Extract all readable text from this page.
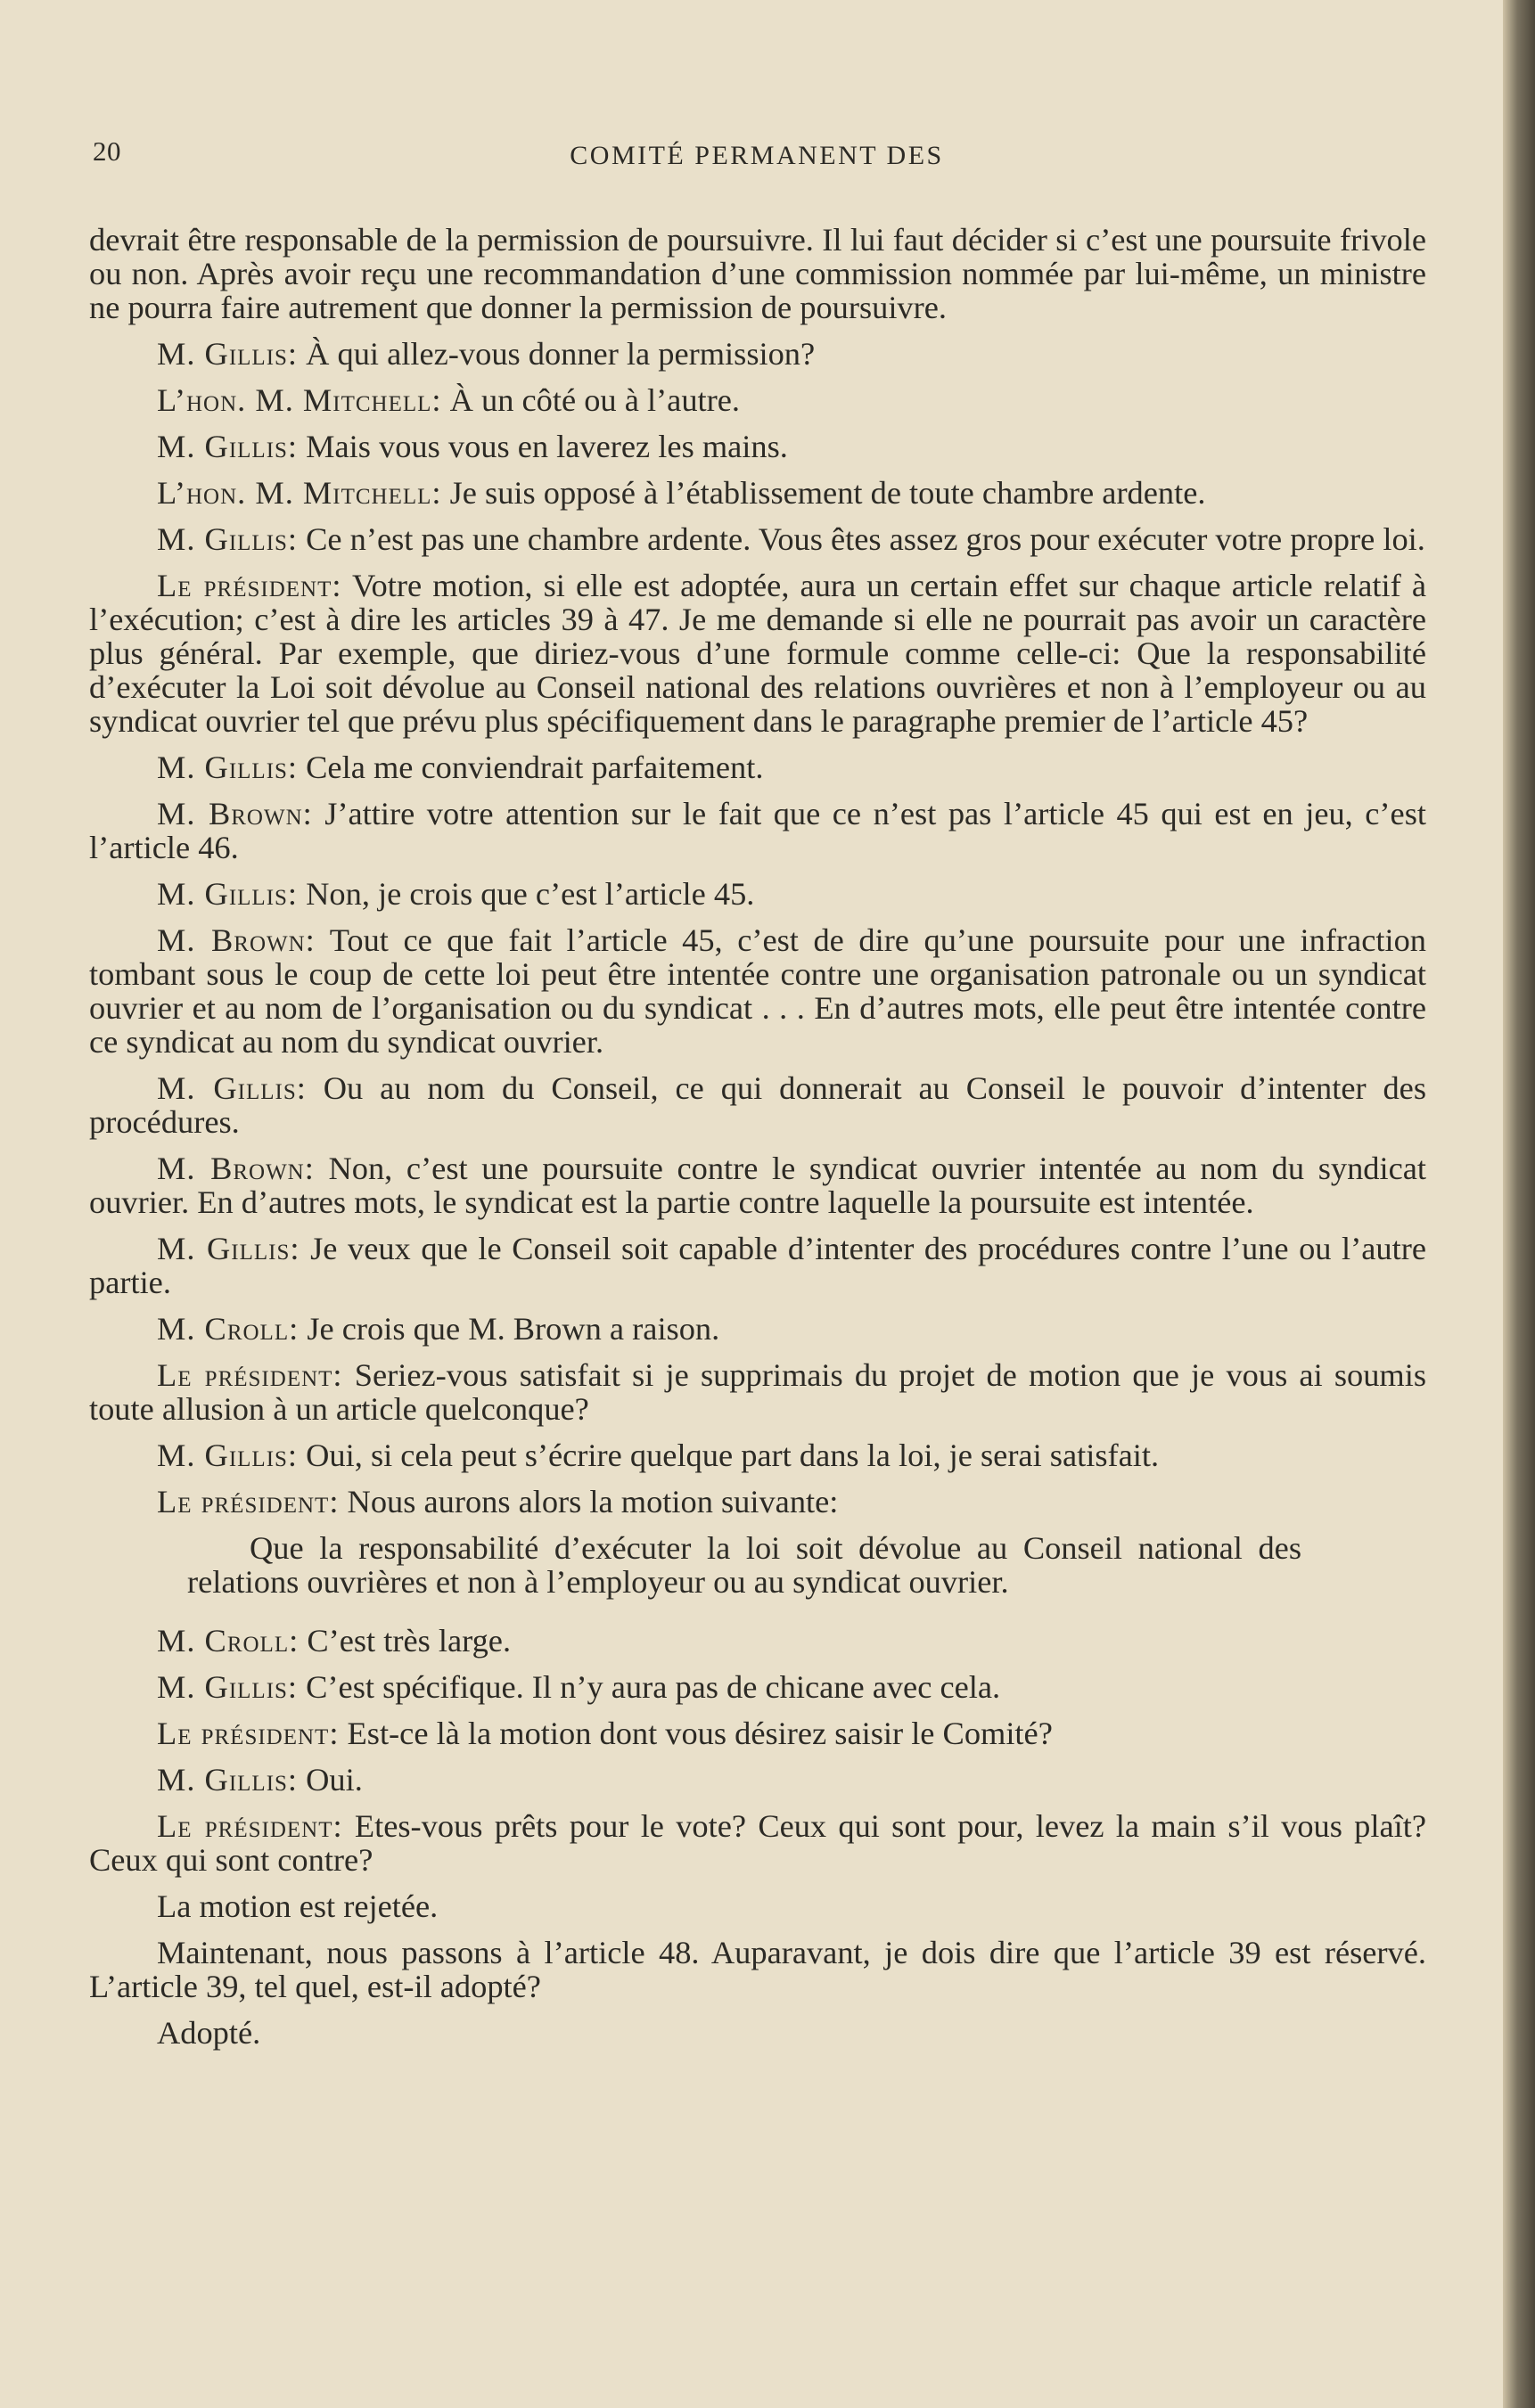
20	COMITÉ PERMANENT DES

devrait être responsable de la permission de poursuivre. Il lui faut décider si c’est une poursuite frivole ou non. Après avoir reçu une recommandation d’une commission nommée par lui-même, un ministre ne pourra faire autrement que donner la permission de poursuivre.

M. Gillis: À qui allez-vous donner la permission?

L’hon. M. Mitchell: À un côté ou à l’autre.

M. Gillis: Mais vous vous en laverez les mains.

L’hon. M. Mitchell: Je suis opposé à l’établissement de toute chambre ardente.

M. Gillis: Ce n’est pas une chambre ardente. Vous êtes assez gros pour exécuter votre propre loi.

Le président: Votre motion, si elle est adoptée, aura un certain effet sur chaque article relatif à l’exécution; c’est à dire les articles 39 à 47. Je me demande si elle ne pourrait pas avoir un caractère plus général. Par exemple, que diriez-vous d’une formule comme celle-ci: Que la responsabilité d’exécuter la Loi soit dévolue au Conseil national des relations ouvrières et non à l’employeur ou au syndicat ouvrier tel que prévu plus spécifiquement dans le paragraphe premier de l’article 45?

M. Gillis: Cela me conviendrait parfaitement.

M. Brown: J’attire votre attention sur le fait que ce n’est pas l’article 45 qui est en jeu, c’est l’article 46.

M. Gillis: Non, je crois que c’est l’article 45.

M. Brown: Tout ce que fait l’article 45, c’est de dire qu’une poursuite pour une infraction tombant sous le coup de cette loi peut être intentée contre une organisation patronale ou un syndicat ouvrier et au nom de l’organisation ou du syndicat . . . En d’autres mots, elle peut être intentée contre ce syndicat au nom du syndicat ouvrier.

M. Gillis: Ou au nom du Conseil, ce qui donnerait au Conseil le pouvoir d’intenter des procédures.

M. Brown: Non, c’est une poursuite contre le syndicat ouvrier intentée au nom du syndicat ouvrier. En d’autres mots, le syndicat est la partie contre laquelle la poursuite est intentée.

M. Gillis: Je veux que le Conseil soit capable d’intenter des procédures contre l’une ou l’autre partie.

M. Croll: Je crois que M. Brown a raison.

Le président: Seriez-vous satisfait si je supprimais du projet de motion que je vous ai soumis toute allusion à un article quelconque?

M. Gillis: Oui, si cela peut s’écrire quelque part dans la loi, je serai satisfait.

Le président: Nous aurons alors la motion suivante:

Que la responsabilité d’exécuter la loi soit dévolue au Conseil national des relations ouvrières et non à l’employeur ou au syndicat ouvrier.

M. Croll: C’est très large.

M. Gillis: C’est spécifique. Il n’y aura pas de chicane avec cela.

Le président: Est-ce là la motion dont vous désirez saisir le Comité?

M. Gillis: Oui.

Le président: Etes-vous prêts pour le vote? Ceux qui sont pour, levez la main s’il vous plaît? Ceux qui sont contre?

La motion est rejetée.

Maintenant, nous passons à l’article 48. Auparavant, je dois dire que l’article 39 est réservé. L’article 39, tel quel, est-il adopté?

Adopté.
